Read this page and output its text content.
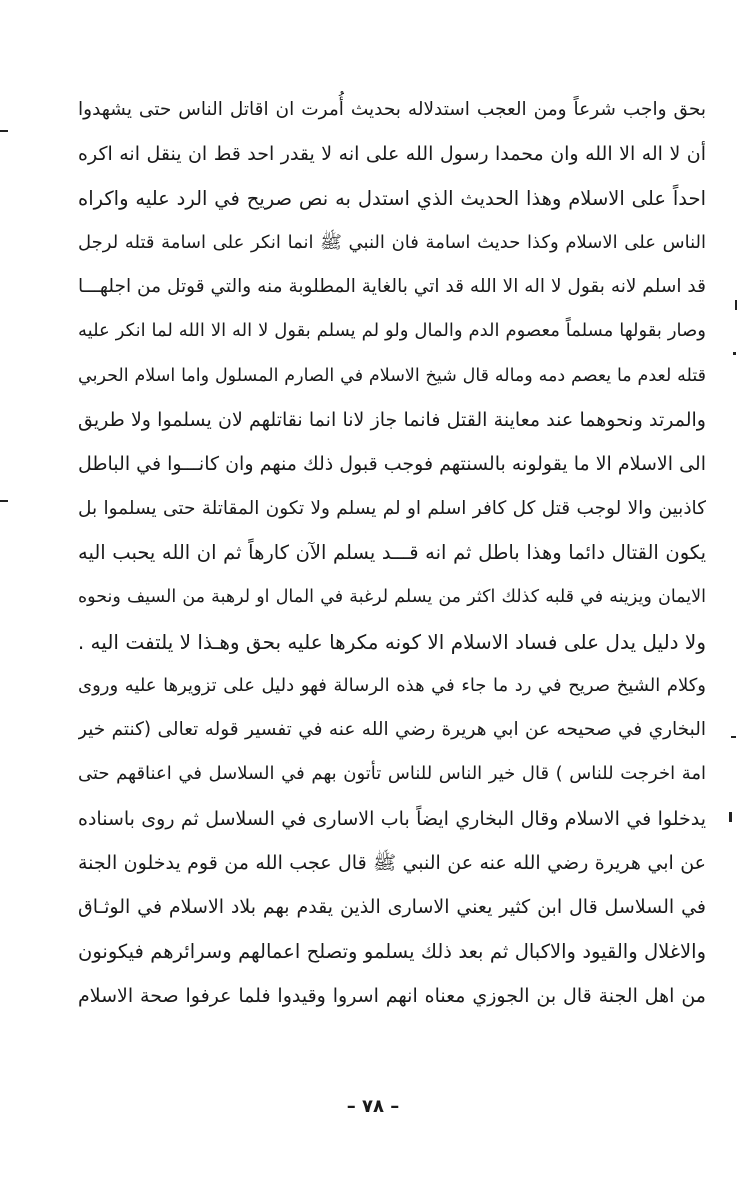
بحق واجب شرعاً ومن العجب استدلاله بحديث أُمرت ان اقاتل الناس حتى يشهدوا
أن لا اله الا الله وان محمدا رسول الله على انه لا يقدر احد قط ان ينقل انه اكره
احداً على الاسلام وهذا الحديث الذي استدل به نص صريح في الرد عليه واكراه
الناس على الاسلام وكذا حديث اسامة فان النبي ﷺ انما انكر على اسامة قتله لرجل
قد اسلم لانه بقول لا اله الا الله قد اتي بالغاية المطلوبة منه والتي قوتل من اجلهـــا
وصار بقولها مسلماً معصوم الدم والمال ولو لم يسلم بقول لا اله الا الله لما انكر عليه
قتله لعدم ما يعصم دمه وماله قال شيخ الاسلام في الصارم المسلول واما اسلام الحربي
والمرتد ونحوهما عند معاينة القتل فانما جاز لانا انما نقاتلهم لان يسلموا ولا طريق
الى الاسلام الا ما يقولونه بالسنتهم فوجب قبول ذلك منهم وان كانـــوا في الباطل
كاذبين والا لوجب قتل كل كافر اسلم او لم يسلم ولا تكون المقاتلة حتى يسلموا بل
يكون القتال دائما وهذا باطل ثم انه قـــد يسلم الآن كارهاً ثم ان الله يحبب اليه
الايمان ويزينه في قلبه كذلك اكثر من يسلم لرغبة في المال او لرهبة من السيف ونحوه
ولا دليل يدل على فساد الاسلام الا كونه مكرها عليه بحق وهـذا لا يلتفت اليه .
وكلام الشيخ صريح في رد ما جاء في هذه الرسالة فهو دليل على تزويرها عليه وروى
البخاري في صحيحه عن ابي هريرة رضي الله عنه في تفسير قوله تعالى (كنتم خير
امة اخرجت للناس ) قال خير الناس للناس تأتون بهم في السلاسل في اعناقهم حتى
يدخلوا في الاسلام وقال البخاري ايضاً باب الاسارى في السلاسل ثم روى باسناده
عن ابي هريرة رضي الله عنه عن النبي ﷺ قال عجب الله من قوم يدخلون الجنة
في السلاسل قال ابن كثير يعني الاسارى الذين يقدم بهم بلاد الاسلام في الوثـاق
والاغلال والقيود والاكبال ثم بعد ذلك يسلمو وتصلح اعمالهم وسرائرهم فيكونون
من اهل الجنة قال بن الجوزي معناه انهم اسروا وقيدوا فلما عرفوا صحة الاسلام
– ٧٨ –
